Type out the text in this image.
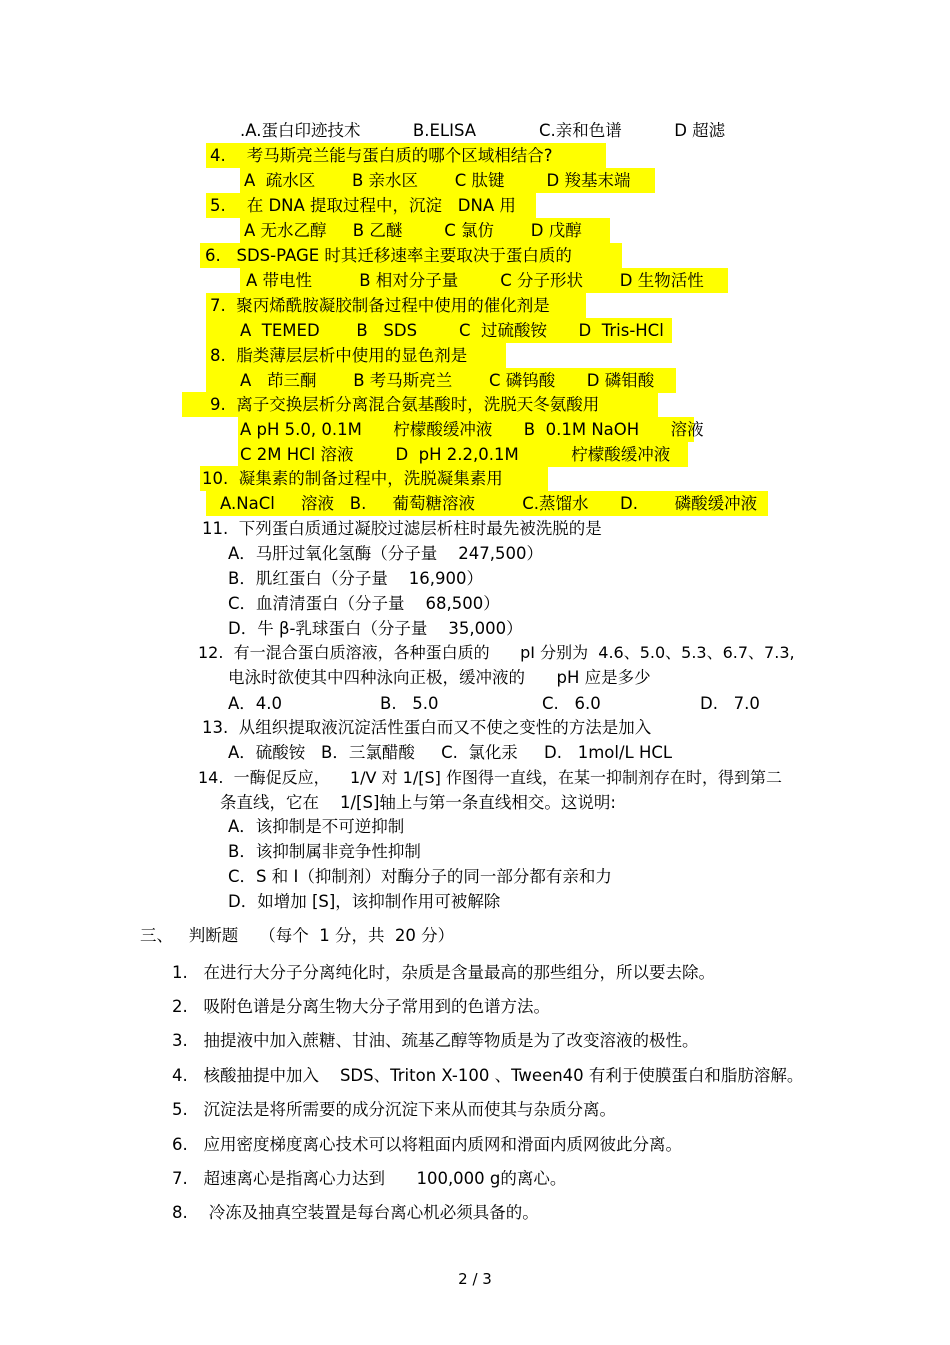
.A.蛋白印迹技术          B.ELISA            C.亲和色谱          D 超滤
4.    考马斯亮兰能与蛋白质的哪个区域相结合?
A  疏水区       B 亲水区       C 肽键        D 羧基末端
5.    在 DNA 提取过程中，沉淀   DNA 用
A 无水乙醇     B 乙醚        C 氯仿       D 戊醇
6.   SDS-PAGE 时其迁移速率主要取决于蛋白质的
A 带电性         B 相对分子量        C 分子形状       D 生物活性
7.  聚丙烯酰胺凝胶制备过程中使用的催化剂是
A  TEMED       B   SDS        C  过硫酸铵      D  Tris-HCl
8.  脂类薄层层析中使用的显色剂是
A   茚三酮       B 考马斯亮兰       C 磷钨酸      D 磷钼酸
9.  离子交换层析分离混合氨基酸时，洗脱天冬氨酸用
A pH 5.0, 0.1M      柠檬酸缓冲液      B  0.1M NaOH      溶液
C 2M HCl 溶液        D  pH 2.2,0.1M          柠檬酸缓冲液
10.  凝集素的制备过程中，洗脱凝集素用
A.NaCl     溶液   B.     葡萄糖溶液         C.蒸馏水      D.       磷酸缓冲液
11.  下列蛋白质通过凝胶过滤层析柱时最先被洗脱的是
A．马肝过氧化氢酶（分子量    247,500）
B．肌红蛋白（分子量    16,900）
C．血清清蛋白（分子量    68,500）
D．牛 β-乳球蛋白（分子量    35,000）
12.  有一混合蛋白质溶液，各种蛋白质的      pI 分别为  4.6、5.0、5.3、6.7、7.3,
电泳时欲使其中四种泳向正极，缓冲液的      pH 应是多少
A．4.0	B.   5.0	C.   6.0	D.   7.0
13.  从组织提取液沉淀活性蛋白而又不使之变性的方法是加入
A．硫酸铵   B．三氯醋酸     C.  氯化汞     D.   1mol/L HCL
14.  一酶促反应，    1/V 对 1/[S] 作图得一直线，在某一抑制剂存在时，得到第二
条直线，它在    1/[S]轴上与第一条直线相交。这说明:
A．该抑制是不可逆抑制
B．该抑制属非竞争性抑制
C．S 和 I（抑制剂）对酶分子的同一部分都有亲和力
D．如增加 [S]，该抑制作用可被解除
三、   判断题    （每个  1 分，共  20 分）
1.   在进行大分子分离纯化时，杂质是含量最高的那些组分，所以要去除。
2.   吸附色谱是分离生物大分子常用到的色谱方法。
3.   抽提液中加入蔗糖、甘油、巯基乙醇等物质是为了改变溶液的极性。
4.   核酸抽提中加入    SDS、Triton X-100 、Tween40 有利于使膜蛋白和脂肪溶解。
5.   沉淀法是将所需要的成分沉淀下来从而使其与杂质分离。
6.   应用密度梯度离心技术可以将粗面内质网和滑面内质网彼此分离。
7.   超速离心是指离心力达到      100,000 g的离心。
8.    冷冻及抽真空装置是每台离心机必须具备的。
2 / 3
